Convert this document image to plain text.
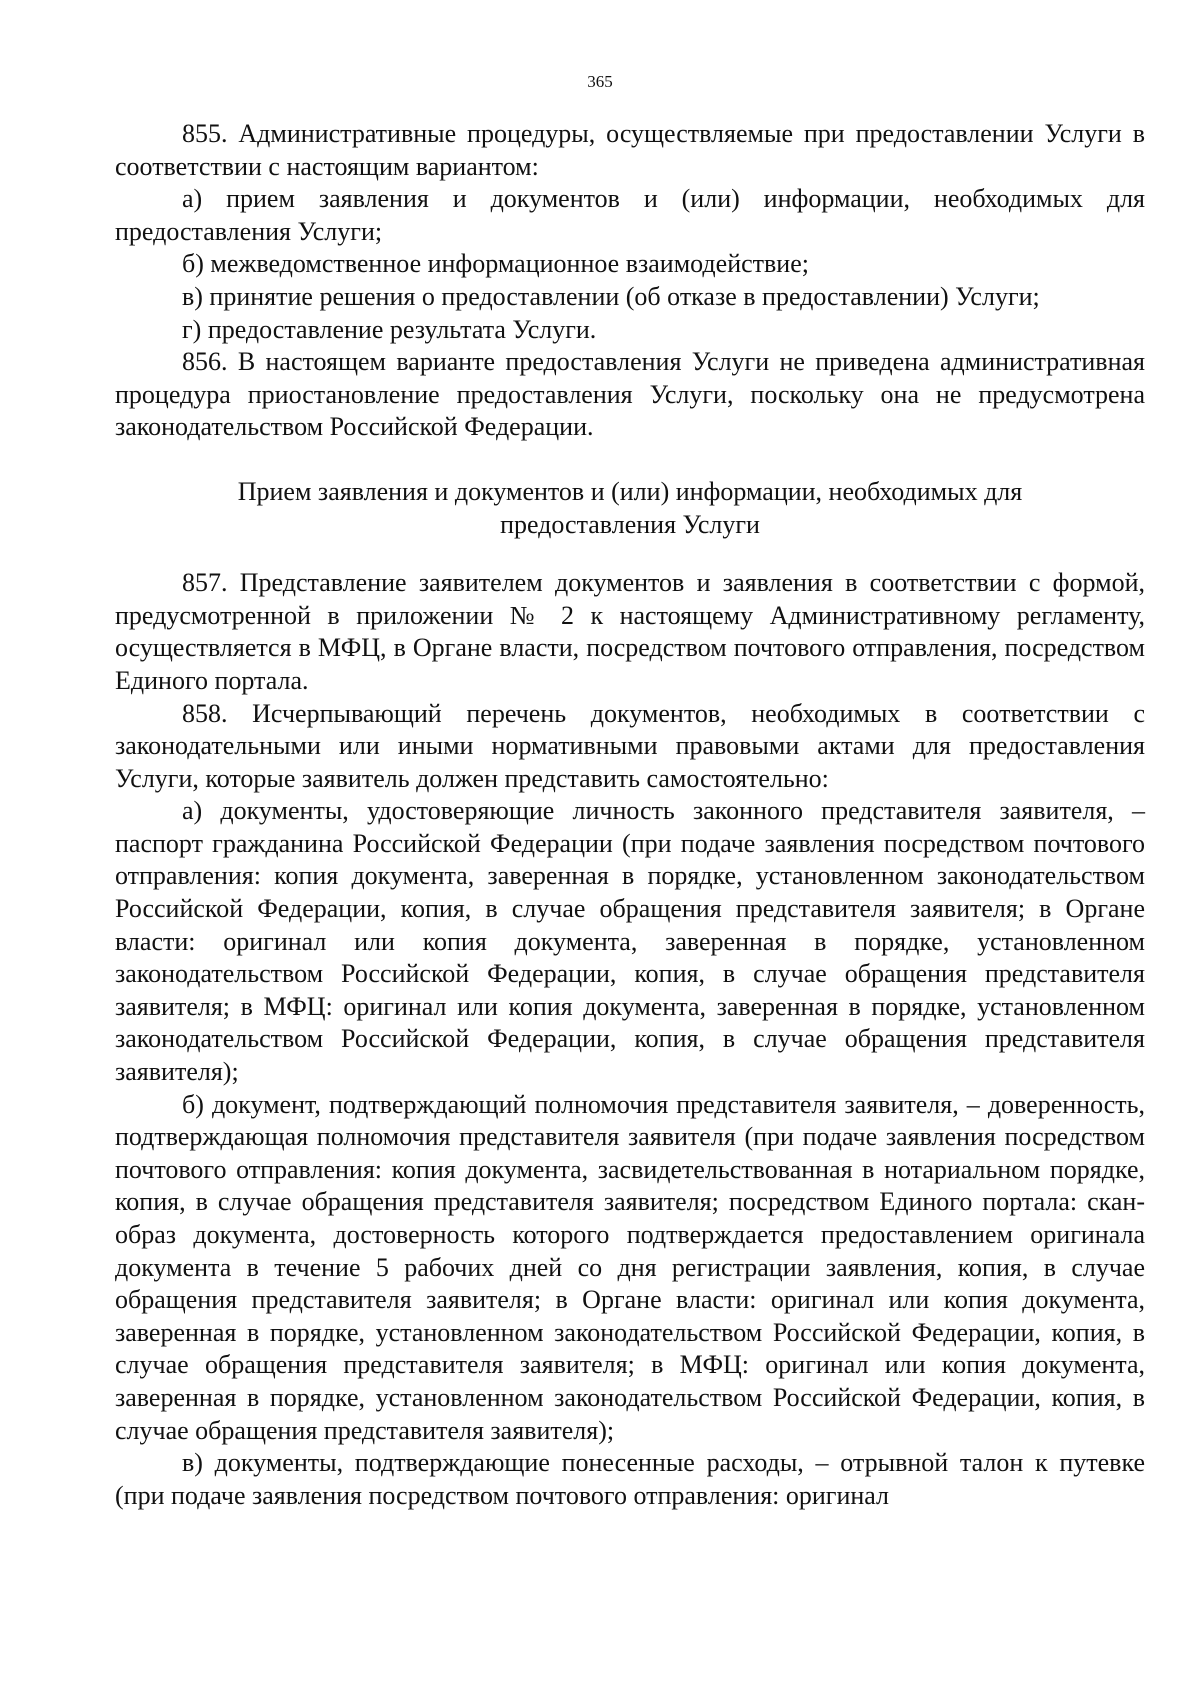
365

855. Административные процедуры, осуществляемые при предоставлении Услуги в соответствии с настоящим вариантом:

а) прием заявления и документов и (или) информации, необходимых для предоставления Услуги;

б) межведомственное информационное взаимодействие;

в) принятие решения о предоставлении (об отказе в предоставлении) Услуги;

г) предоставление результата Услуги.

856. В настоящем варианте предоставления Услуги не приведена административная процедура приостановление предоставления Услуги, поскольку она не предусмотрена законодательством Российской Федерации.

Прием заявления и документов и (или) информации, необходимых для
предоставления Услуги

857. Представление заявителем документов и заявления в соответствии с формой, предусмотренной в приложении № 2 к настоящему Административному регламенту, осуществляется в МФЦ, в Органе власти, посредством почтового отправления, посредством Единого портала.

858. Исчерпывающий перечень документов, необходимых в соответствии с законодательными или иными нормативными правовыми актами для предоставления Услуги, которые заявитель должен представить самостоятельно:

а) документы, удостоверяющие личность законного представителя заявителя, – паспорт гражданина Российской Федерации (при подаче заявления посредством почтового отправления: копия документа, заверенная в порядке, установленном законодательством Российской Федерации, копия, в случае обращения представителя заявителя; в Органе власти: оригинал или копия документа, заверенная в порядке, установленном законодательством Российской Федерации, копия, в случае обращения представителя заявителя; в МФЦ: оригинал или копия документа, заверенная в порядке, установленном законодательством Российской Федерации, копия, в случае обращения представителя заявителя);

б) документ, подтверждающий полномочия представителя заявителя, – доверенность, подтверждающая полномочия представителя заявителя (при подаче заявления посредством почтового отправления: копия документа, засвидетельствованная в нотариальном порядке, копия, в случае обращения представителя заявителя; посредством Единого портала: скан-образ документа, достоверность которого подтверждается предоставлением оригинала документа в течение 5 рабочих дней со дня регистрации заявления, копия, в случае обращения представителя заявителя; в Органе власти: оригинал или копия документа, заверенная в порядке, установленном законодательством Российской Федерации, копия, в случае обращения представителя заявителя; в МФЦ: оригинал или копия документа, заверенная в порядке, установленном законодательством Российской Федерации, копия, в случае обращения представителя заявителя);

в) документы, подтверждающие понесенные расходы, – отрывной талон к путевке (при подаче заявления посредством почтового отправления: оригинал
